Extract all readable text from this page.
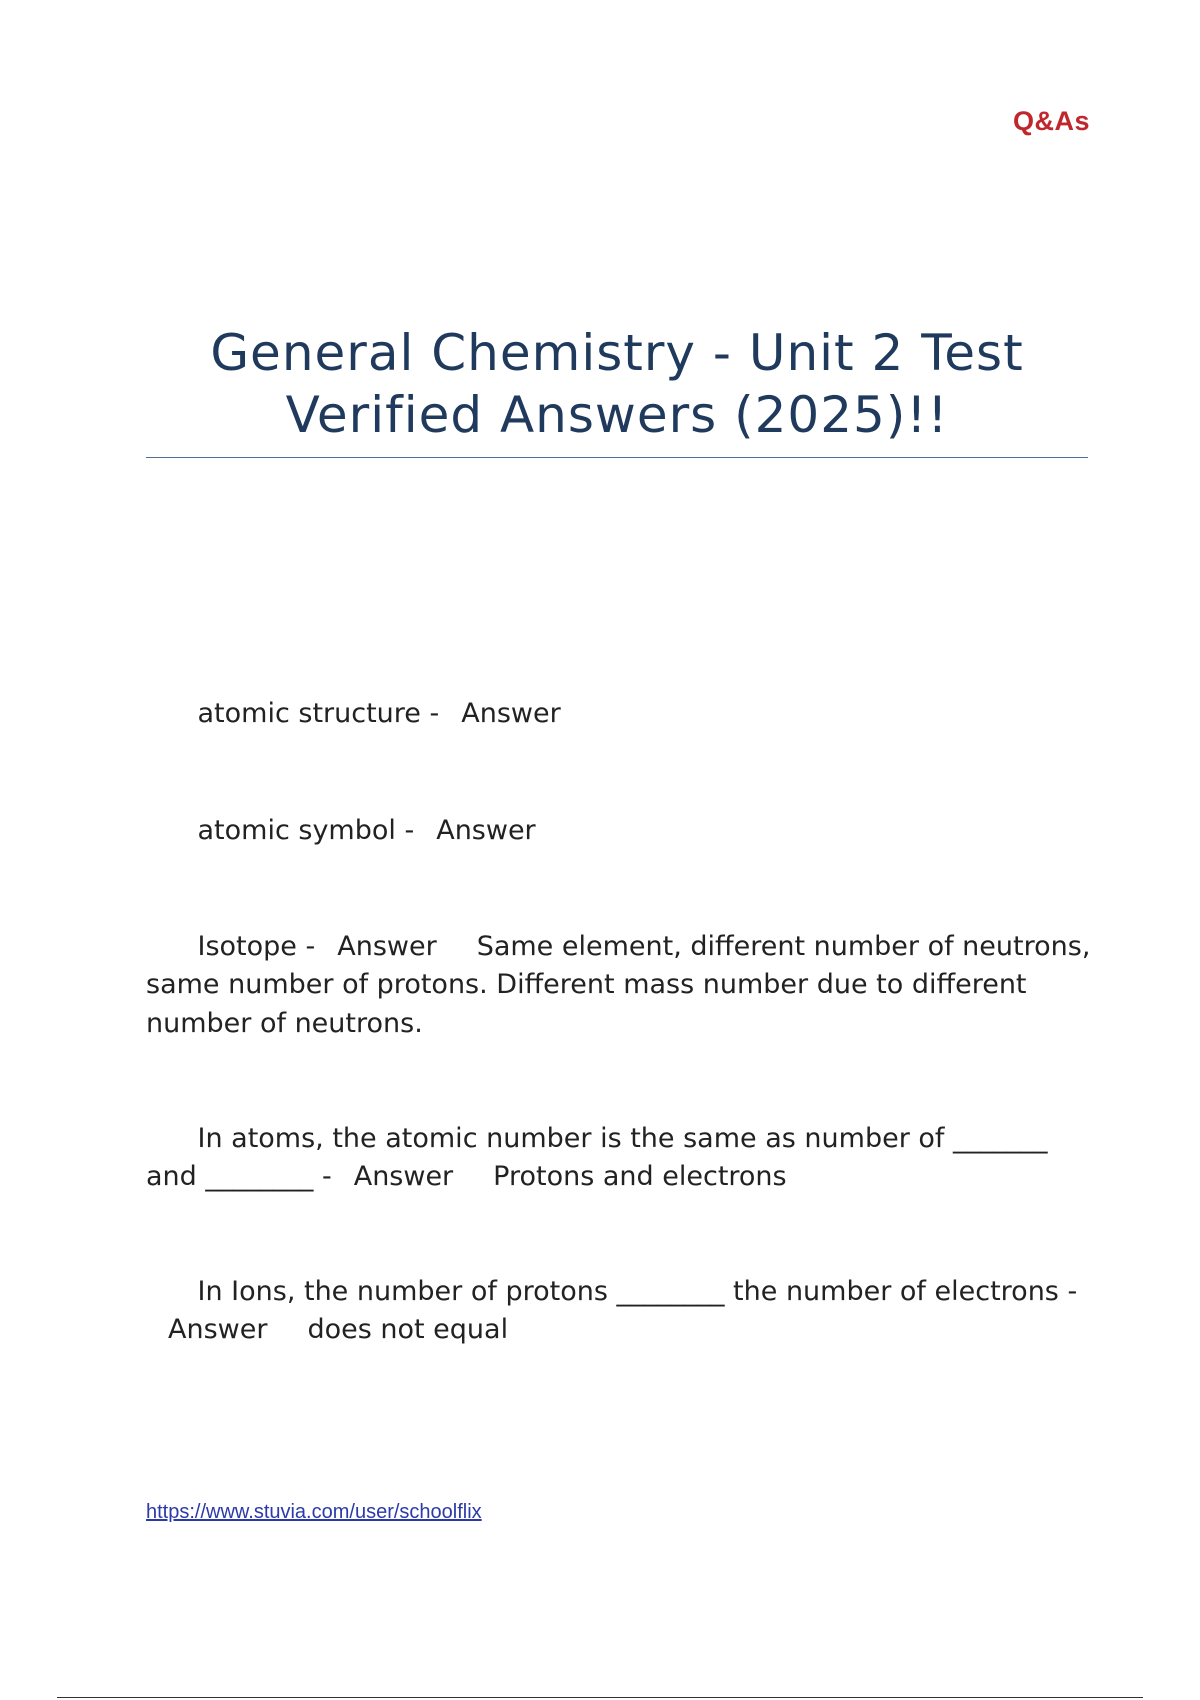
Q&As
General Chemistry - Unit 2 Test
Verified Answers (2025)!!

atomic structure - Answer

atomic symbol - Answer

Isotope - Answer Same element, different number of neutrons, same number of protons. Different mass number due to different number of neutrons.

In atoms, the atomic number is the same as number of _______ and ________ - Answer Protons and electrons

In Ions, the number of protons ________ the number of electrons -Answer does not equal

https://www.stuvia.com/user/schoolflix
